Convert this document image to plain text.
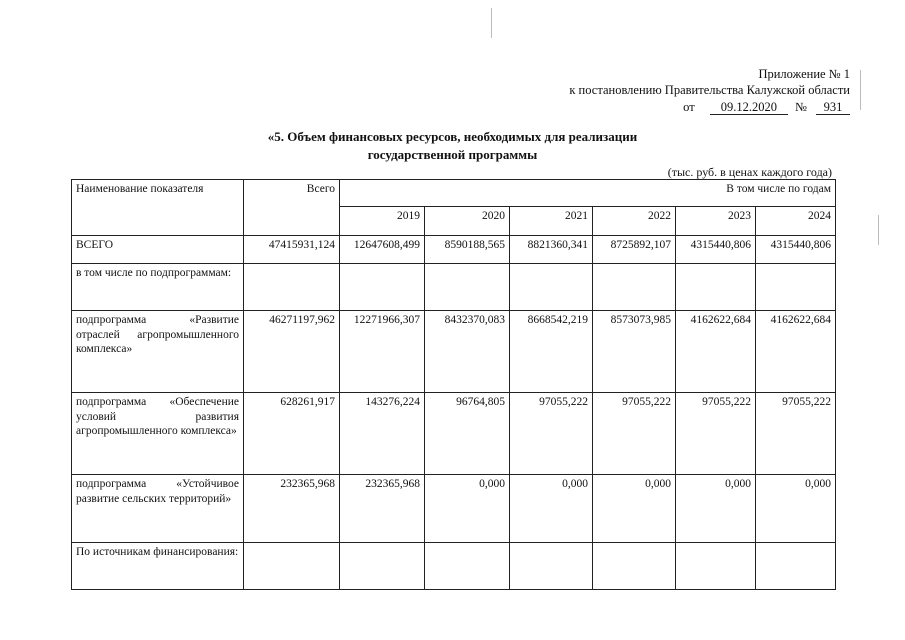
Приложение № 1
к постановлению Правительства Калужской области
от 09.12.2020 № 931
«5. Объем финансовых ресурсов, необходимых для реализации
государственной программы
(тыс. руб. в ценах каждого года)
Наименование показателя	Всего	В том числе по годам					
		2019	2020	2021	2022	2023	2024
ВСЕГО	47415931,124	12647608,499	8590188,565	8821360,341	8725892,107	4315440,806	4315440,806
в том числе по подпрограммам:							
подпрограмма «Развитие отраслей агропромышленного комплекса»	46271197,962	12271966,307	8432370,083	8668542,219	8573073,985	4162622,684	4162622,684
подпрограмма «Обеспечение условий развития агропромышленного комплекса»	628261,917	143276,224	96764,805	97055,222	97055,222	97055,222	97055,222
подпрограмма «Устойчивое развитие сельских территорий»	232365,968	232365,968	0,000	0,000	0,000	0,000	0,000
По источникам финансирования:							
